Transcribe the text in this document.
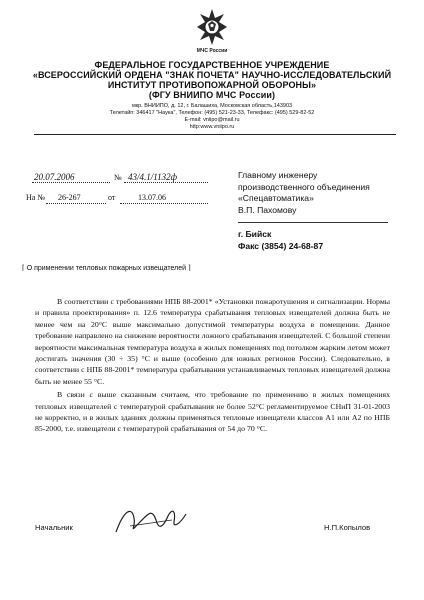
МЧС России
ФЕДЕРАЛЬНОЕ ГОСУДАРСТВЕННОЕ УЧРЕЖДЕНИЕ
«ВСЕРОССИЙСКИЙ ОРДЕНА "ЗНАК ПОЧЕТА" НАУЧНО-ИССЛЕДОВАТЕЛЬСКИЙ
ИНСТИТУТ ПРОТИВОПОЖАРНОЙ ОБОРОНЫ»
(ФГУ ВНИИПО МЧС России)
мкр. ВНИИПО, д. 12, г. Балашиха, Московская область,143903
Телетайп: 346417 "Наука", Телефон: (495) 521-23-33, Телефакс: (495) 529-82-52
E-mail: vniipo@mail.ru
http:www.vniipo.ru
20.07.2006	№ 43/4.1/1132ф
На № 26-267	от	13.07.06
Главному инженеру
производственного объединения
«Спецавтоматика»
В.П. Пахомову
г. Бийск
Факс (3854) 24-68-87
⌈ О применении тепловых пожарных извещателей ⌉

В соответствии с требованиями НПБ 88-2001* «Установки пожаротушения и сигнализации. Нормы и правила проектирования» п. 12.6 температура срабатывания тепловых извещателей должна быть не менее чем на 20°С выше максимально допустимой температуры воздуха в помещении. Данное требование направлено на снижение вероятности ложного срабатывания извещателей. С большой степени вероятности максимальная температура воздуха в жилых помещениях под потолком жарким летом может достигать значения (30 ÷ 35) °С и выше (особенно для южных регионов России). Следовательно, в соответствии с НПБ 88-2001* температура срабатывания устанавливаемых тепловых извещателей должна быть не менее 55 °С.

В связи с выше сказанным считаем, что требование по применению в жилых помещениях тепловых извещателей с температурой срабатывания не более 52°С регламентируемое СНиП 31-01-2003 не корректно, и в жилых зданиях должны применяться тепловые извещатели классов А1 или А2 по НПБ 85-2000, т.е. извещатели с температурой срабатывания от 54 до 70 °С.

Начальник	Н.П.Копылов
